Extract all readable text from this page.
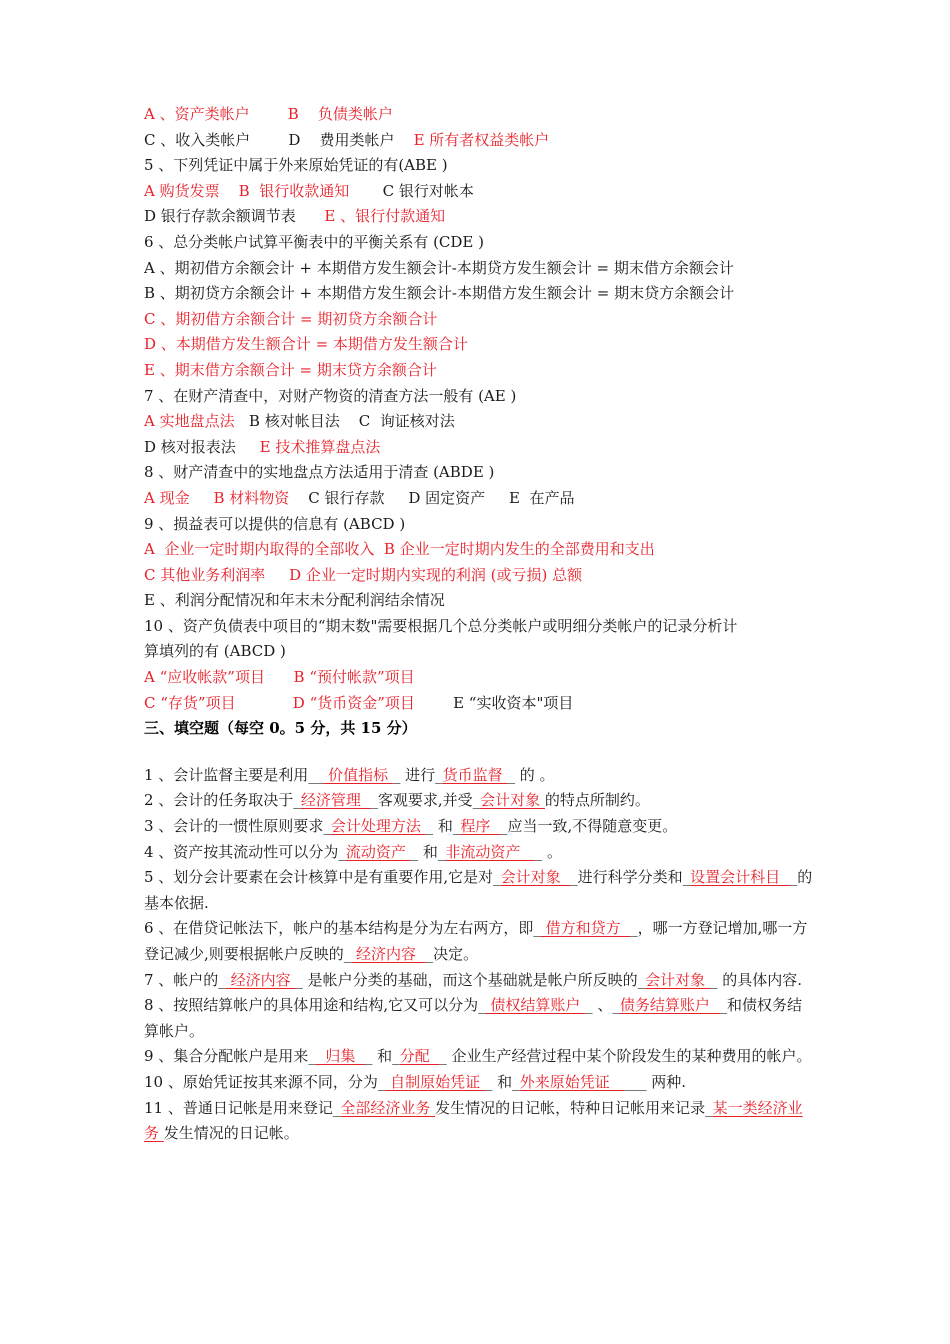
A 、资产类帐户        B    负债类帐户
C 、收入类帐户        D    费用类帐户    E 所有者权益类帐户
5 、下列凭证中属于外来原始凭证的有(ABE )
A 购货发票    B  银行收款通知       C 银行对帐本
D 银行存款余额调节表      E 、银行付款通知
6 、总分类帐户试算平衡表中的平衡关系有 (CDE )
A 、期初借方余额会计 + 本期借方发生额会计-本期贷方发生额会计 = 期末借方余额会计
B 、期初贷方余额会计 + 本期借方发生额会计-本期借方发生额会计 = 期末贷方余额会计
C 、期初借方余额合计 = 期初贷方余额合计
D 、本期借方发生额合计 = 本期借方发生额合计
E 、期末借方余额合计 = 期末贷方余额合计
7 、在财产清查中，对财产物资的清查方法一般有 (AE )
A 实地盘点法   B 核对帐目法    C  询证核对法
D 核对报表法     E 技术推算盘点法
8 、财产清查中的实地盘点方法适用于清查 (ABDE )
A 现金     B 材料物资    C 银行存款     D 固定资产     E  在产品
9 、损益表可以提供的信息有 (ABCD )
A  企业一定时期内取得的全部收入  B 企业一定时期内发生的全部费用和支出
C 其他业务利润率     D 企业一定时期内实现的利润 (或亏损) 总额
E 、利润分配情况和年末未分配利润结余情况
10 、资产负债表中项目的“期末数"需要根据几个总分类帐户或明细分类帐户的记录分析计
算填列的有 (ABCD )
A “应收帐款”项目      B “预付帐款”项目
C “存货”项目            D “货币资金”项目        E “实收资本"项目
三、填空题（每空 0。5 分，共 15 分）
1 、会计监督主要是利用__ 价值指标 _ 进行_货币监督 _ 的 。
2 、会计的任务取决于_经济管理  _客观要求,并受_会计对象 的特点所制约。
3 、会计的一惯性原则要求_会计处理方法 _ 和_程序  _应当一致,不得随意变更。
4 、资产按其流动性可以分为_流动资产 _ 和_非流动资产   _ 。
5 、划分会计要素在会计核算中是有重要作用,它是对_会计对象  _进行科学分类和_设置会计科目  _的基本依据.
6 、在借贷记帐法下，帐户的基本结构是分为左右两方，即_ 借方和贷方  _，哪一方登记增加,哪一方登记减少,则要根据帐户反映的_ 经济内容  _决定。
7 、帐户的_ 经济内容 _ 是帐户分类的基础，而这个基础就是帐户所反映的_会计对象 _ 的具体内容.
8 、按照结算帐户的具体用途和结构,它又可以分为_ 债权结算账户 _ 、_债务结算账户  _和债权务结算帐户。
9 、集合分配帐户是用来_  归集  _ 和_分配  _ 企业生产经营过程中某个阶段发生的某种费用的帐户。
10 、原始凭证按其来源不同，分为_ 自制原始凭证 _ 和_外来原始凭证   ___ 两种.
11 、普通日记帐是用来登记_全部经济业务 发生情况的日记帐，特种日记帐用来记录_某一类经济业务 发生情况的日记帐。
